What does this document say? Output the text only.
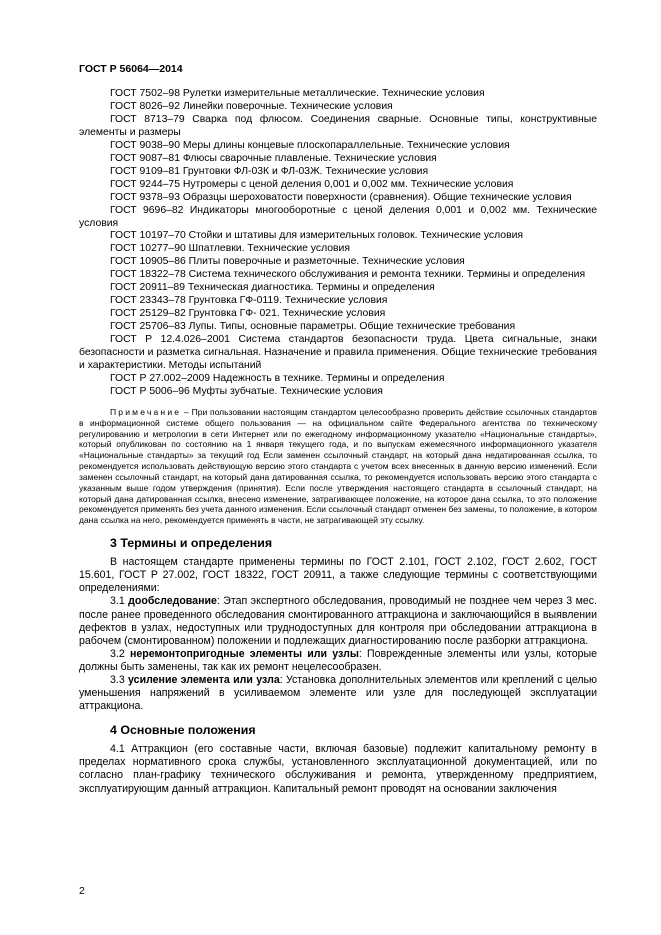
ГОСТ Р 56064—2014

ГОСТ 7502–98 Рулетки измерительные металлические. Технические условия

ГОСТ 8026–92 Линейки поверочные. Технические условия

ГОСТ 8713–79 Сварка под флюсом. Соединения сварные. Основные типы, конструктивные элементы и размеры

ГОСТ 9038–90 Меры длины концевые плоскопараллельные. Технические условия

ГОСТ 9087–81 Флюсы сварочные плавленые. Технические условия

ГОСТ 9109–81 Грунтовки ФЛ-03К и ФЛ-03Ж. Технические условия

ГОСТ 9244–75 Нутромеры с ценой деления 0,001 и 0,002 мм. Технические условия

ГОСТ 9378–93 Образцы шероховатости поверхности (сравнения). Общие технические условия

ГОСТ 9696–82 Индикаторы многооборотные с ценой деления 0,001 и 0,002 мм. Технические условия

ГОСТ 10197–70 Стойки и штативы для измерительных головок. Технические условия

ГОСТ 10277–90 Шпатлевки. Технические условия

ГОСТ 10905–86 Плиты поверочные и разметочные. Технические условия

ГОСТ 18322–78 Система технического обслуживания и ремонта техники. Термины и определения

ГОСТ 20911–89 Техническая диагностика. Термины и определения

ГОСТ 23343–78 Грунтовка ГФ-0119. Технические условия

ГОСТ 25129–82 Грунтовка ГФ- 021. Технические условия

ГОСТ 25706–83 Лупы. Типы, основные параметры. Общие технические требования

ГОСТ Р 12.4.026–2001 Система стандартов безопасности труда. Цвета сигнальные, знаки безопасности и разметка сигнальная. Назначение и правила применения. Общие технические требования и характеристики. Методы испытаний

ГОСТ Р 27.002–2009 Надежность в технике. Термины и определения

ГОСТ Р 5006–96 Муфты зубчатые. Технические условия

Примечание – При пользовании настоящим стандартом целесообразно проверить действие ссылочных стандартов в информационной системе общего пользования — на официальном сайте Федерального агентства по техническому регулированию и метрологии в сети Интернет или по ежегодному информационному указателю «Национальные стандарты», который опубликован по состоянию на 1 января текущего года, и по выпускам ежемесячного информационного указателя «Национальные стандарты» за текущий год Если заменен ссылочный стандарт, на который дана недатированная ссылка, то рекомендуется использовать действующую версию этого стандарта с учетом всех внесенных в данную версию изменений. Если заменен ссылочный стандарт, на который дана датированная ссылка, то рекомендуется использовать версию этого стандарта с указанным выше годом утверждения (принятия). Если после утверждения настоящего стандарта в ссылочный стандарт, на который дана датированная ссылка, внесено изменение, затрагивающее положение, на которое дана ссылка, то это положение рекомендуется применять без учета данного изменения. Если ссылочный стандарт отменен без замены, то положение, в котором дана ссылка на него, рекомендуется применять в части, не затрагивающей эту ссылку.

3 Термины и определения

В настоящем стандарте применены термины по ГОСТ 2.101, ГОСТ 2.102, ГОСТ 2.602, ГОСТ 15.601, ГОСТ Р 27.002, ГОСТ 18322, ГОСТ 20911, а также следующие термины с соответствующими определениями:

3.1 дообследование: Этап экспертного обследования, проводимый не позднее чем через 3 мес. после ранее проведенного обследования смонтированного аттракциона и заключающийся в выявлении дефектов в узлах, недоступных или труднодоступных для контроля при обследовании аттракциона в рабочем (смонтированном) положении и подлежащих диагностированию после разборки аттракциона.

3.2 неремонтопригодные элементы или узлы: Поврежденные элементы или узлы, которые должны быть заменены, так как их ремонт нецелесообразен.

3.3 усиление элемента или узла: Установка дополнительных элементов или креплений с целью уменьшения напряжений в усиливаемом элементе или узле для последующей эксплуатации аттракциона.

4 Основные положения

4.1 Аттракцион (его составные части, включая базовые) подлежит капитальному ремонту в пределах нормативного срока службы, установленного эксплуатационной документацией, или по согласно план-графику технического обслуживания и ремонта, утвержденному предприятием, эксплуатирующим данный аттракцион. Капитальный ремонт проводят на основании заключения

2
